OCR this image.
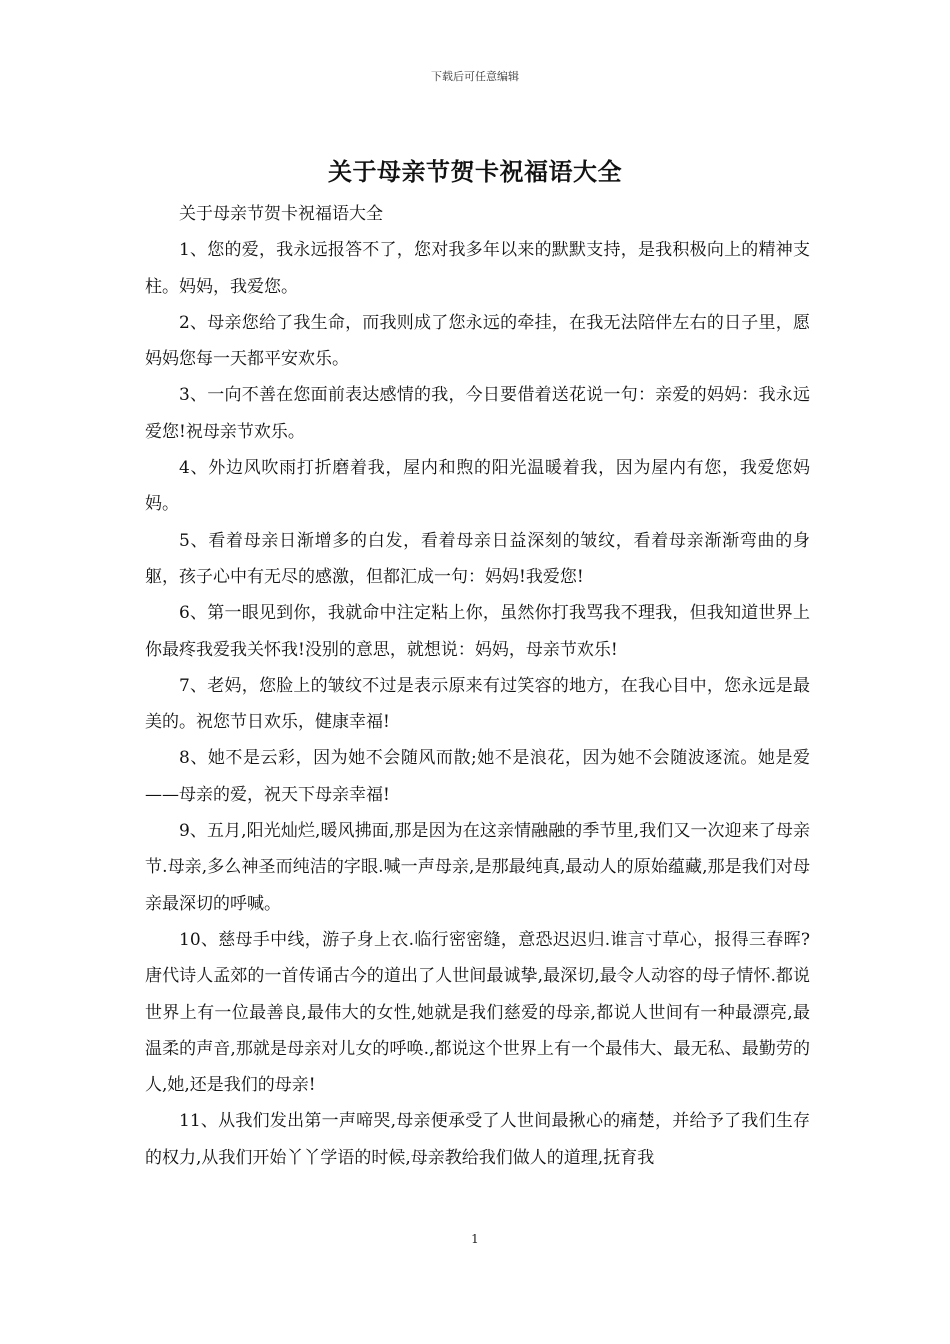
下载后可任意编辑
关于母亲节贺卡祝福语大全

关于母亲节贺卡祝福语大全

1、您的爱，我永远报答不了，您对我多年以来的默默支持，是我积极向上的精神支柱。妈妈，我爱您。

2、母亲您给了我生命，而我则成了您永远的牵挂，在我无法陪伴左右的日子里，愿妈妈您每一天都平安欢乐。

3、一向不善在您面前表达感情的我，今日要借着送花说一句：亲爱的妈妈：我永远爱您!祝母亲节欢乐。

4、外边风吹雨打折磨着我，屋内和煦的阳光温暖着我，因为屋内有您，我爱您妈妈。

5、看着母亲日渐增多的白发，看着母亲日益深刻的皱纹，看着母亲渐渐弯曲的身躯，孩子心中有无尽的感激，但都汇成一句：妈妈!我爱您!

6、第一眼见到你，我就命中注定粘上你，虽然你打我骂我不理我，但我知道世界上你最疼我爱我关怀我!没别的意思，就想说：妈妈，母亲节欢乐!

7、老妈，您脸上的皱纹不过是表示原来有过笑容的地方，在我心目中，您永远是最美的。祝您节日欢乐，健康幸福!

8、她不是云彩，因为她不会随风而散;她不是浪花，因为她不会随波逐流。她是爱——母亲的爱，祝天下母亲幸福!

9、五月,阳光灿烂,暖风拂面,那是因为在这亲情融融的季节里,我们又一次迎来了母亲节.母亲,多么神圣而纯洁的字眼.喊一声母亲,是那最纯真,最动人的原始蕴藏,那是我们对母亲最深切的呼喊。

10、慈母手中线，游子身上衣.临行密密缝，意恐迟迟归.谁言寸草心，报得三春晖?唐代诗人孟郊的一首传诵古今的道出了人世间最诚挚,最深切,最令人动容的母子情怀.都说世界上有一位最善良,最伟大的女性,她就是我们慈爱的母亲,都说人世间有一种最漂亮,最温柔的声音,那就是母亲对儿女的呼唤.,都说这个世界上有一个最伟大、最无私、最勤劳的人,她,还是我们的母亲!

11、从我们发出第一声啼哭,母亲便承受了人世间最揪心的痛楚，并给予了我们生存的权力,从我们开始丫丫学语的时候,母亲教给我们做人的道理,抚育我

1
